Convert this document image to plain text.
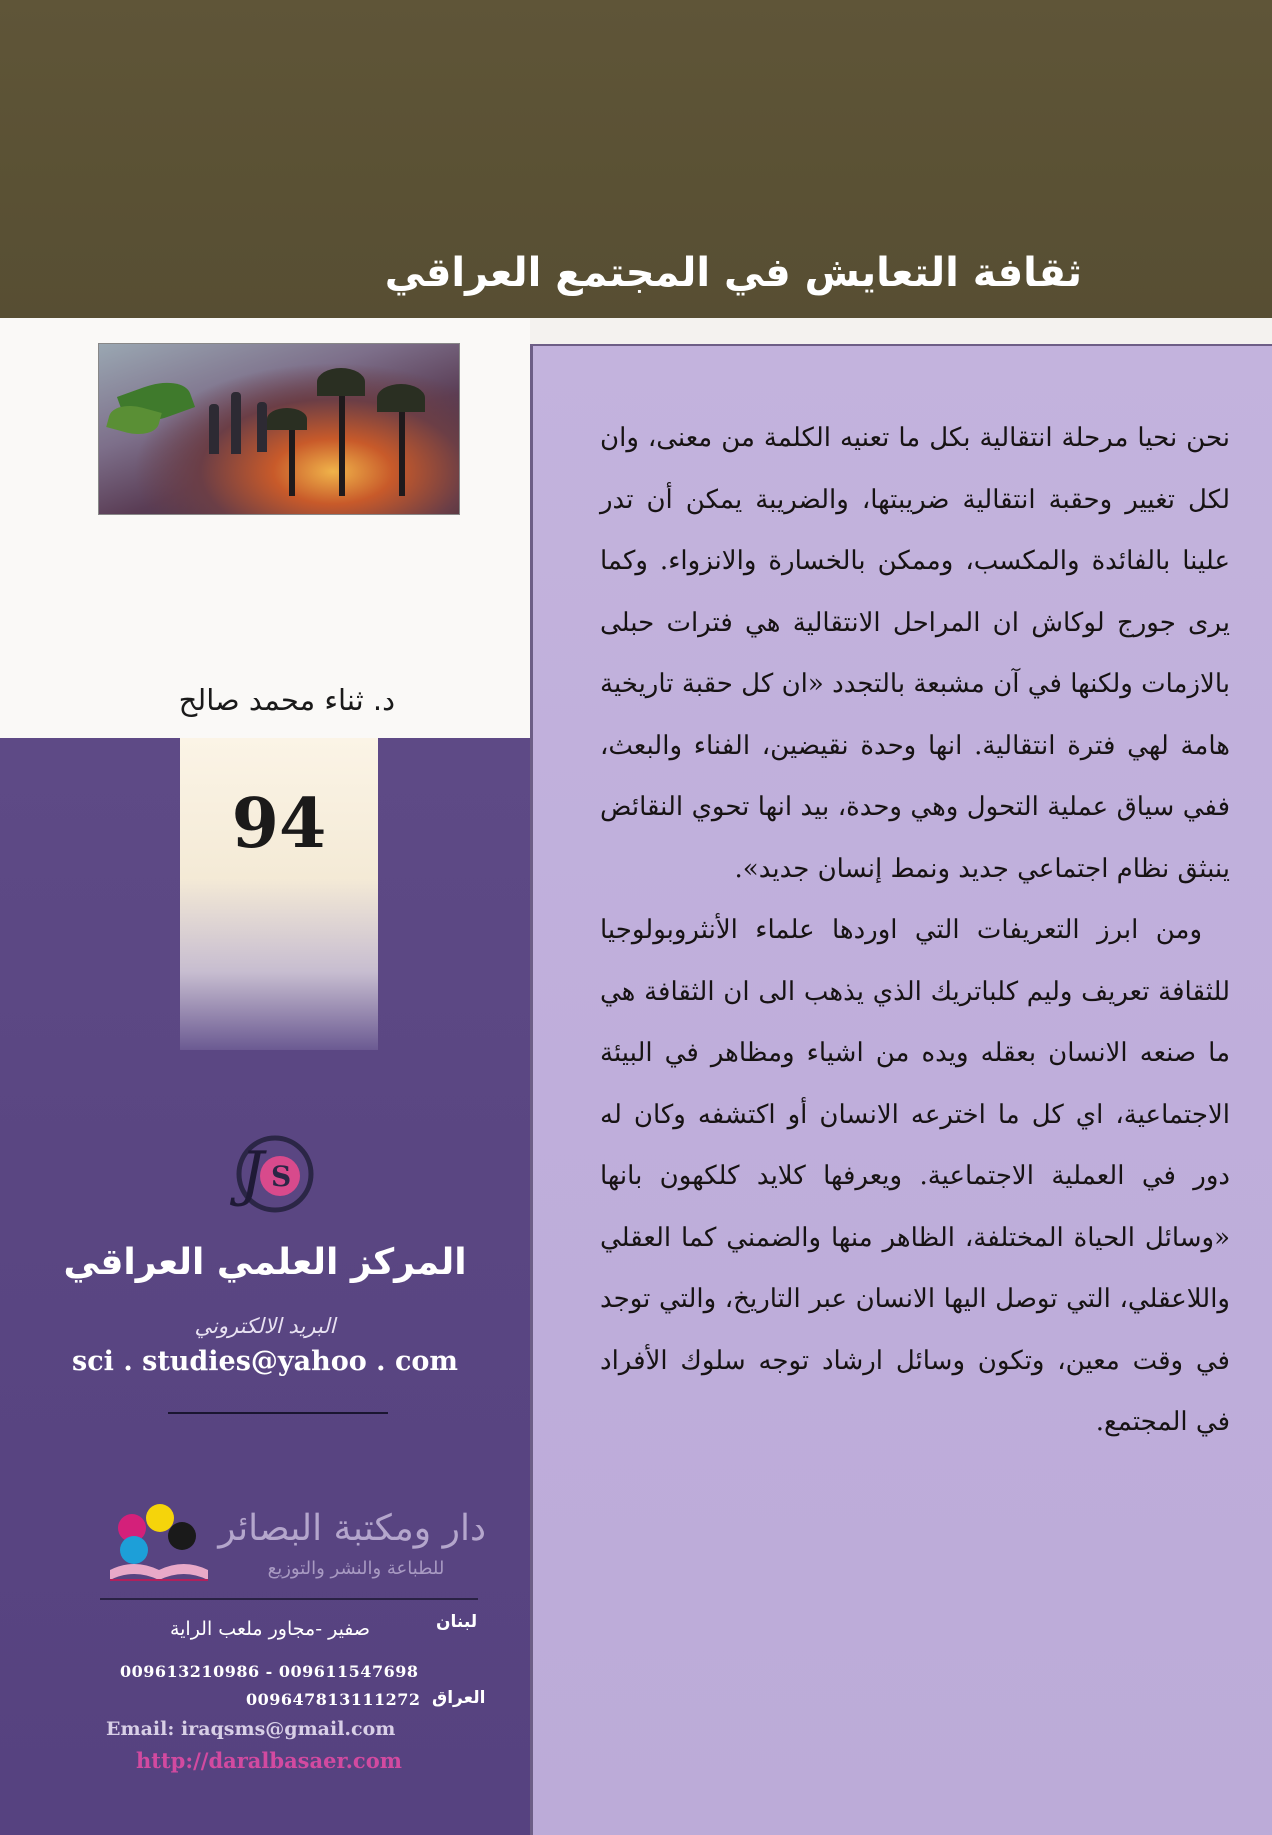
ثقافة التعايش في المجتمع العراقي
د. ثناء محمد صالح
94
S
J
المركز العلمي العراقي
البريد الالكتروني
sci . studies@yahoo . com
دار ومكتبة البصائر
للطباعة والنشر والتوزيع
لبنان
صفير -مجاور ملعب الراية
009613210986 - 009611547698
009647813111272 العراق
Email: iraqsms@gmail.com
http://daralbasaer.com

نحن نحيا مرحلة انتقالية بكل ما تعنيه الكلمة من معنى، وان لكل تغيير وحقبة انتقالية ضريبتها، والضريبة يمكن أن تدر علينا بالفائدة والمكسب، وممكن بالخسارة والانزواء. وكما يرى جورج لوكاش ان المراحل الانتقالية هي فترات حبلى بالازمات ولكنها في آن مشبعة بالتجدد «ان كل حقبة تاريخية هامة لهي فترة انتقالية. انها وحدة نقيضين، الفناء والبعث، ففي سياق عملية التحول وهي وحدة، بيد انها تحوي النقائض ينبثق نظام اجتماعي جديد ونمط إنسان جديد».

ومن ابرز التعريفات التي اوردها علماء الأنثروبولوجيا للثقافة تعريف وليم كلباتريك الذي يذهب الى ان الثقافة هي ما صنعه الانسان بعقله ويده من اشياء ومظاهر في البيئة الاجتماعية، اي كل ما اخترعه الانسان أو اكتشفه وكان له دور في العملية الاجتماعية. ويعرفها كلايد كلكهون بانها «وسائل الحياة المختلفة، الظاهر منها والضمني كما العقلي واللاعقلي، التي توصل اليها الانسان عبر التاريخ، والتي توجد في وقت معين، وتكون وسائل ارشاد توجه سلوك الأفراد في المجتمع.
